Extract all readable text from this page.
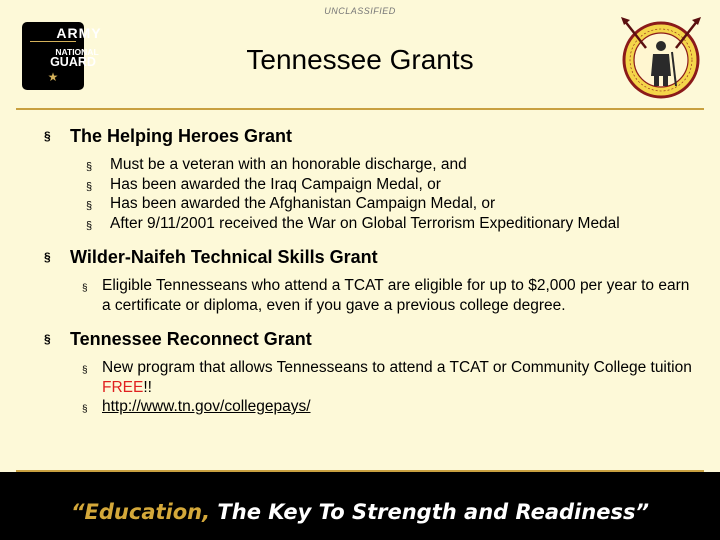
UNCLASSIFIED
ARMY
NATIONAL
GUARD
★
Tennessee Grants
§ The Helping Heroes Grant
§ Must be a veteran with an honorable discharge, and
§ Has been awarded the Iraq Campaign Medal, or
§ Has been awarded the Afghanistan Campaign Medal, or
§ After 9/11/2001 received the War on Global Terrorism Expeditionary Medal
§ Wilder-Naifeh Technical Skills Grant
§ Eligible Tennesseans who attend a TCAT are eligible for up to $2,000 per year to earn a certificate or diploma, even if you gave a previous college degree.
§ Tennessee Reconnect Grant
§ New program that allows Tennesseans to attend a TCAT or Community College tuition FREE!!
§ http://www.tn.gov/collegepays/
“Education, The Key To Strength and Readiness”
